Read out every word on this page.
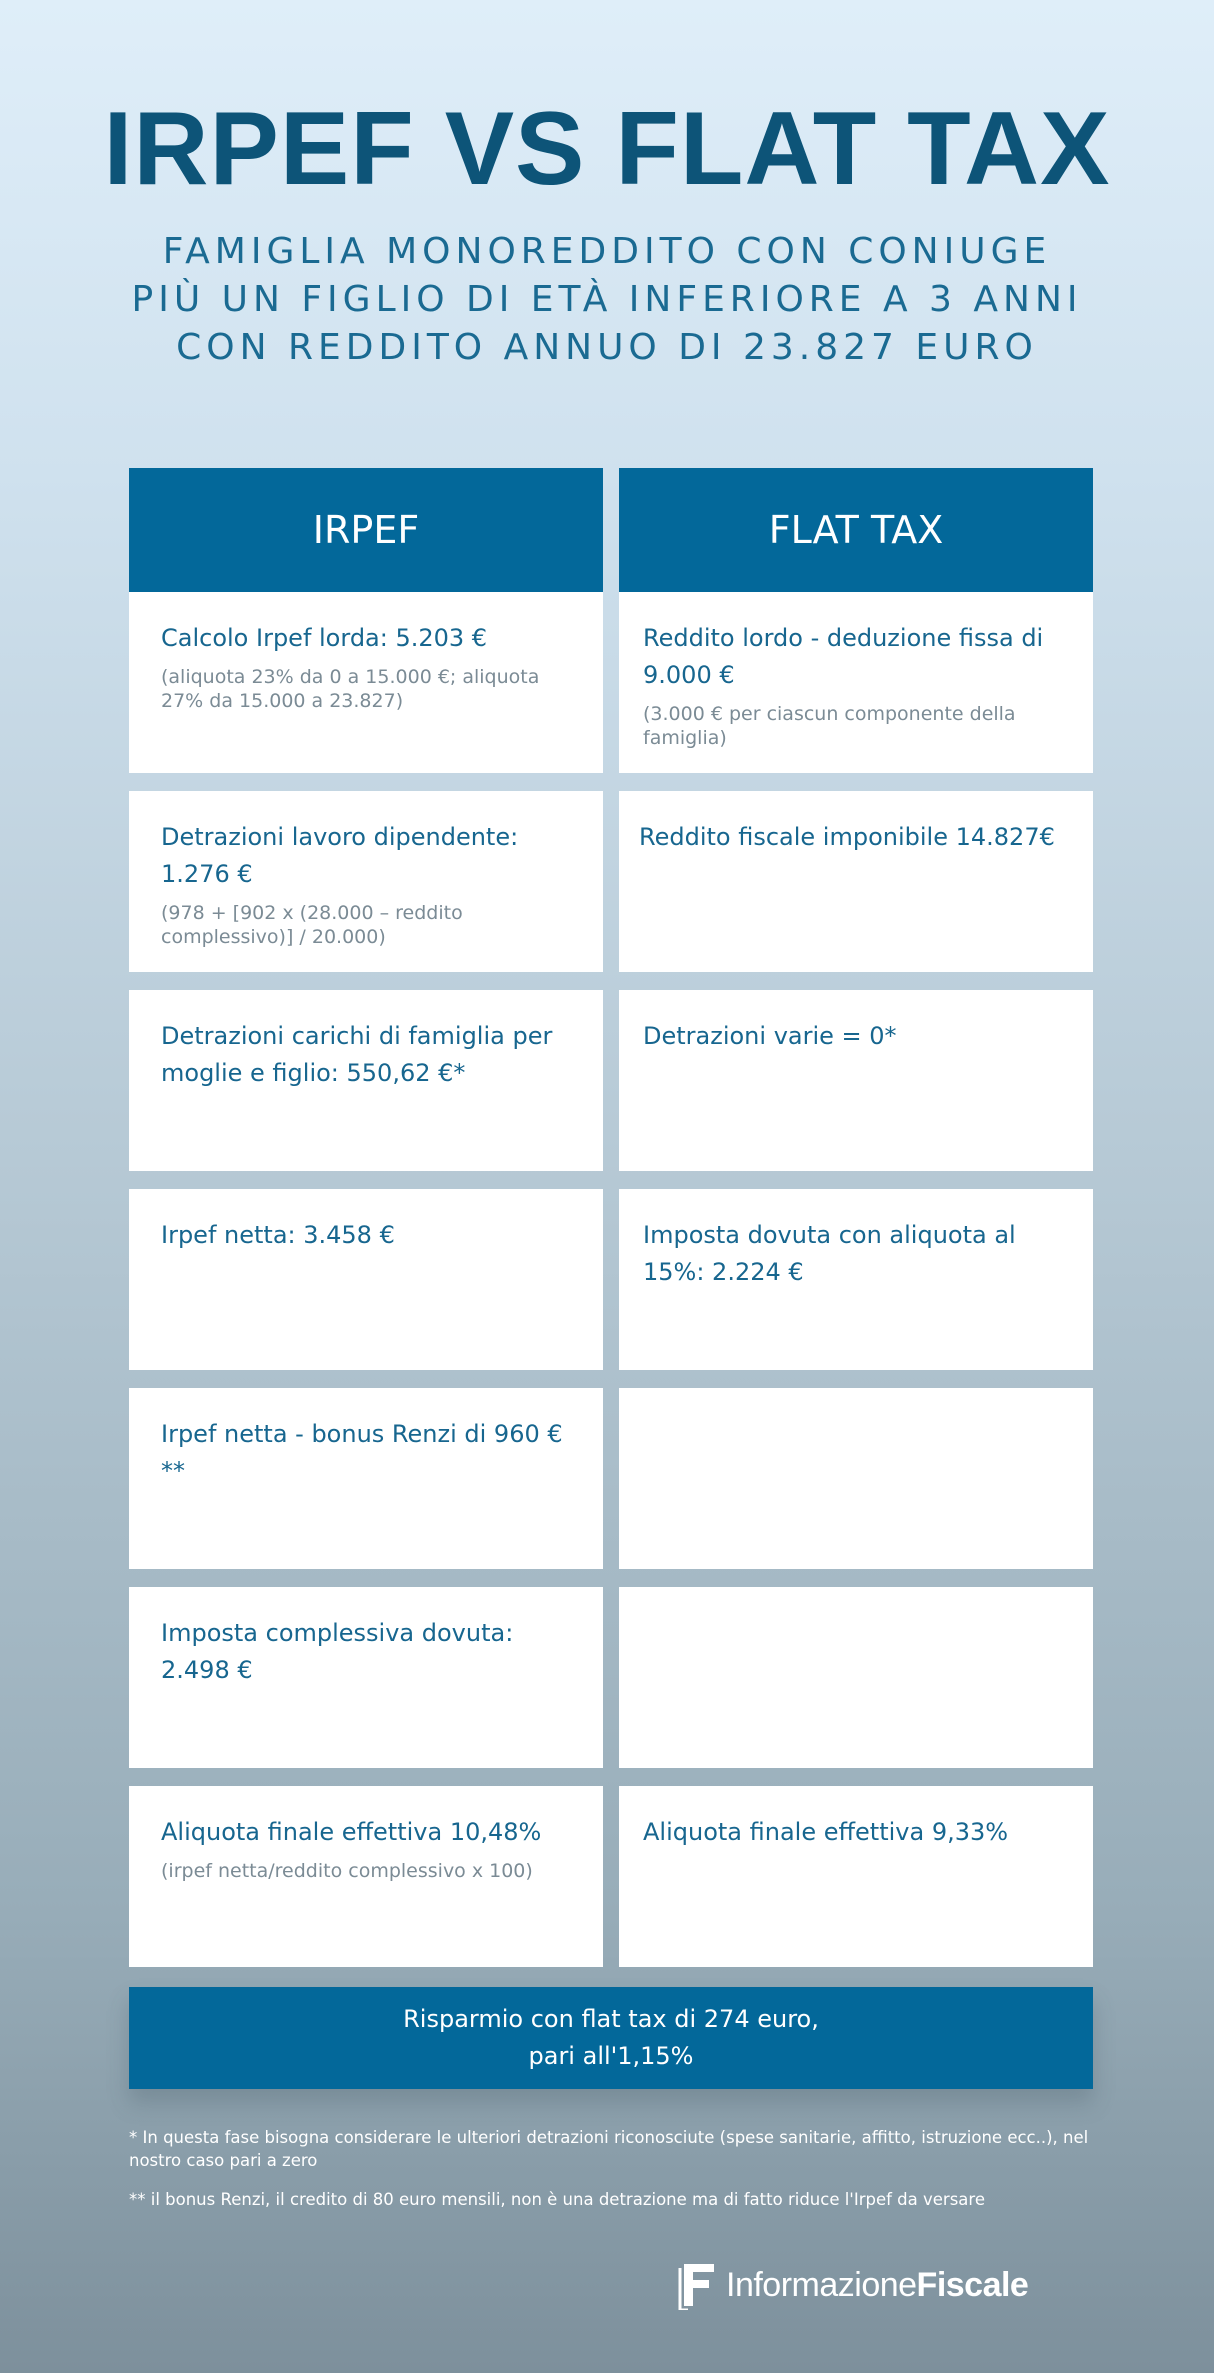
IRPEF VS FLAT TAX
FAMIGLIA MONOREDDITO CON CONIUGE
PIÙ UN FIGLIO DI ETÀ INFERIORE A 3 ANNI
CON REDDITO ANNUO DI 23.827 EURO
IRPEF	FLAT TAX
Calcolo Irpef lorda: 5.203 €
(aliquota 23% da 0 a 15.000 €; aliquota 27% da 15.000 a 23.827)
Reddito lordo - deduzione fissa di 9.000 €
(3.000 € per ciascun componente della famiglia)
Detrazioni lavoro dipendente: 1.276 €
(978 + [902 x (28.000 – reddito complessivo)] / 20.000)
Reddito fiscale imponibile 14.827€
Detrazioni carichi di famiglia per moglie e figlio: 550,62 €*
Detrazioni varie = 0*
Irpef netta: 3.458 €	Imposta dovuta con aliquota al 15%: 2.224 €
Irpef netta - bonus Renzi di 960 € **
Imposta complessiva dovuta: 2.498 €
Aliquota finale effettiva 10,48%
(irpef netta/reddito complessivo x 100)
Aliquota finale effettiva 9,33%
Risparmio con flat tax di 274 euro,
pari all'1,15%

* In questa fase bisogna considerare le ulteriori detrazioni riconosciute (spese sanitarie, affitto, istruzione ecc..), nel nostro caso pari a zero

** il bonus Renzi, il credito di 80 euro mensili, non è una detrazione ma di fatto riduce l'Irpef da versare

InformazioneFiscale
